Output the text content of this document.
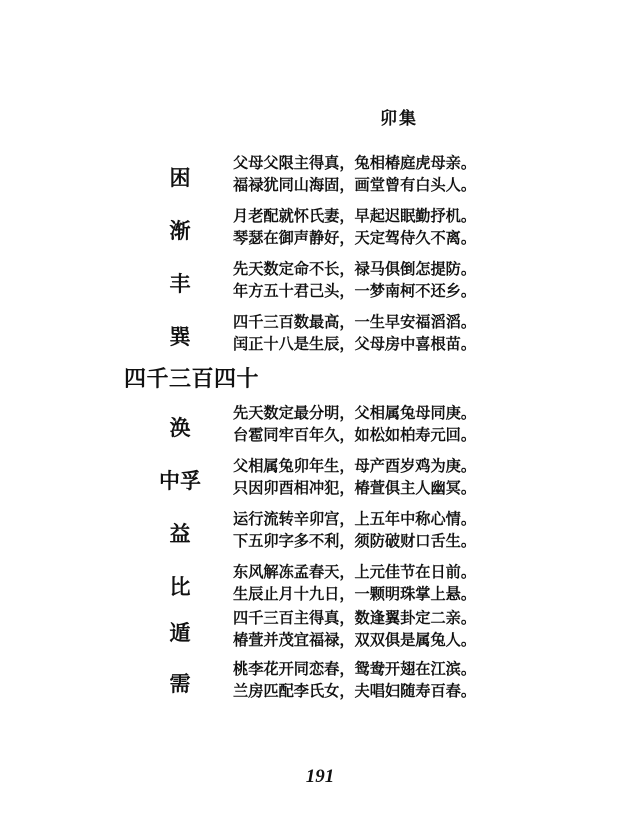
卯集
困
父母父限主得真，兔相椿庭虎母亲。
福禄犹同山海固，画堂曾有白头人。
渐
月老配就怀氏妻，早起迟眠勤抒机。
琴瑟在御声静好，天定驾侍久不离。
丰
先天数定命不长，禄马俱倒怎提防。
年方五十君己头，一梦南柯不还乡。
巽
四千三百数最高，一生早安福滔滔。
闰正十八是生辰，父母房中喜根苗。
四千三百四十
涣
先天数定最分明，父相属兔母同庚。
台雹同牢百年久，如松如柏寿元回。
中孚
父相属兔卯年生，母产酉岁鸡为庚。
只因卯酉相冲犯，椿萱俱主人幽冥。
益
运行流转辛卯宫，上五年中称心情。
下五卯字多不利，须防破财口舌生。
比
东风解冻孟春天，上元佳节在日前。
生辰止月十九日，一颗明珠掌上悬。
遁
四千三百主得真，数逢翼卦定二亲。
椿萱并茂宜福禄，双双俱是属兔人。
需
桃李花开同恋春，鸳鸯开翅在江滨。
兰房匹配李氏女，夫唱妇随寿百春。
191
